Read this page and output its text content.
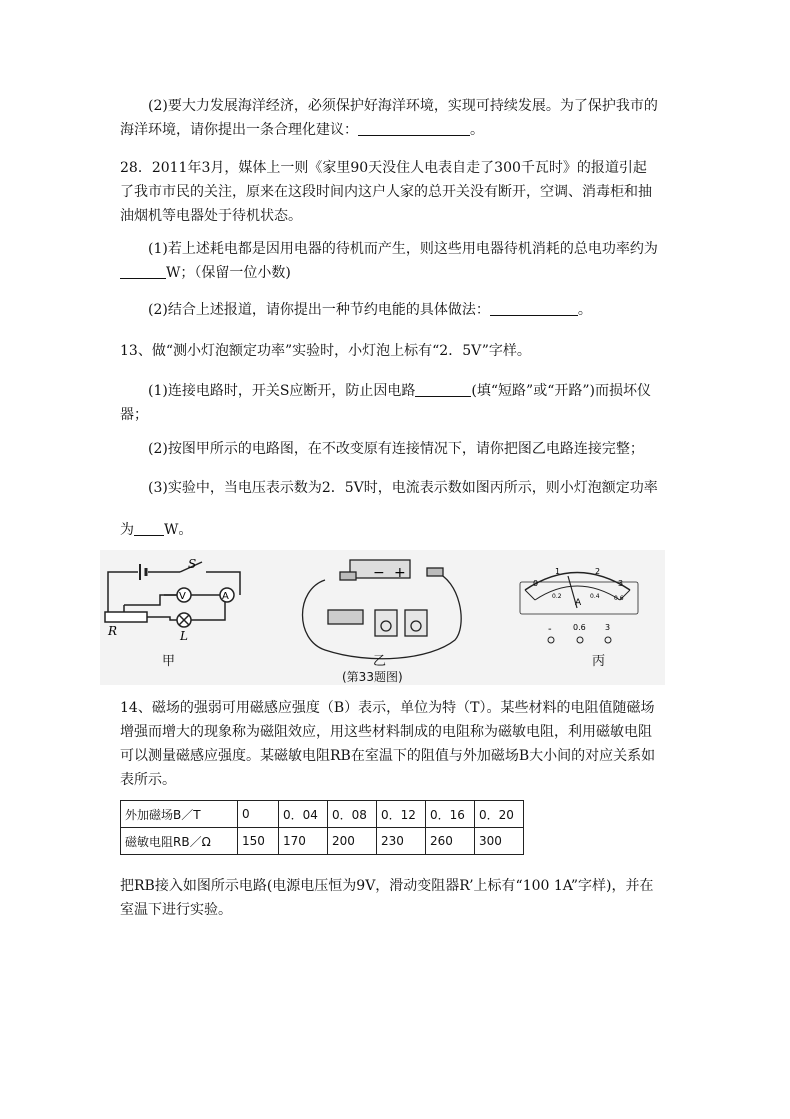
(2)要大力发展海洋经济，必须保护好海洋环境，实现可持续发展。为了保护我市的海洋环境，请你提出一条合理化建议：	。

28．2011年3月，媒体上一则《家里90天没住人电表自走了300千瓦时》的报道引起了我市市民的关注，原来在这段时间内这户人家的总开关没有断开，空调、消毒柜和抽油烟机等电器处于待机状态。

(1)若上述耗电都是因用电器的待机而产生，则这些用电器待机消耗的总电功率约为
W；（保留一位小数)

(2)结合上述报道，请你提出一种节约电能的具体做法：	。

13、做“测小灯泡额定功率”实验时，小灯泡上标有“2．5V”字样。

(1)连接电路时，开关S应断开，防止因电路	(填“短路”或“开路”)而损坏仪器；

(2)按图甲所示的电路图，在不改变原有连接情况下，请你把图乙电路连接完整；

(3)实验中，当电压表示数为2．5V时，电流表示数如图丙所示，则小灯泡额定功率

为 W。

S
V	A
R	L
− +
0
1	2
3
0.2	0.4 0.6
A
-	0.6 3
甲	乙	丙
(第33题图)

14、磁场的强弱可用磁感应强度（B）表示，单位为特（T）。某些材料的电阻值随磁场增强而增大的现象称为磁阻效应，用这些材料制成的电阻称为磁敏电阻，利用磁敏电阻可以测量磁感应强度。某磁敏电阻RB在室温下的阻值与外加磁场B大小间的对应关系如表所示。

外加磁场B／T	0	0．04	0．08	0．12	0．16	0．20
磁敏电阻RB／Ω	150	170	200	230	260	300

把RB接入如图所示电路(电源电压恒为9V，滑动变阻器R’上标有“100 1A”字样)，并在室温下进行实验。
